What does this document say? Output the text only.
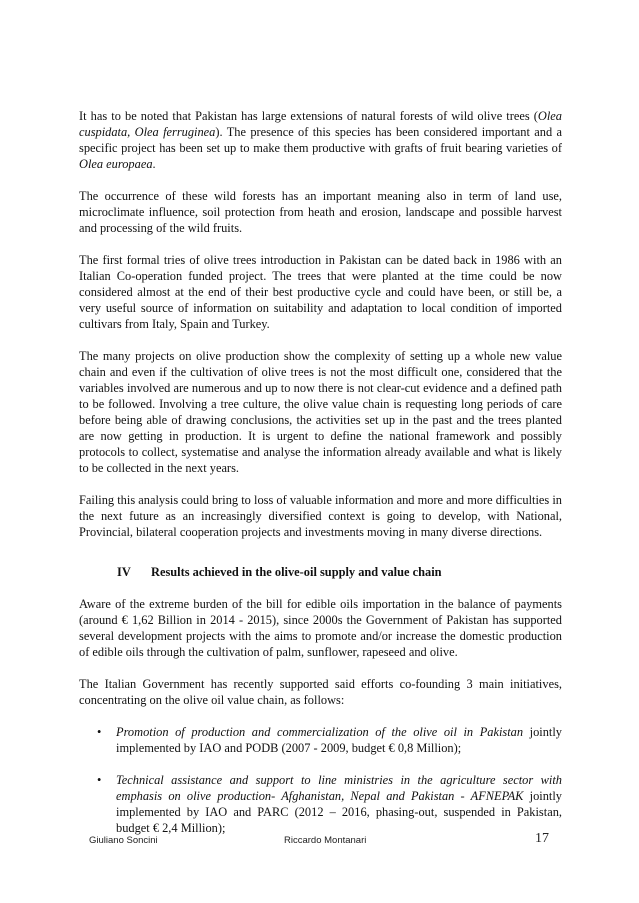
It has to be noted that Pakistan has large extensions of natural forests of wild olive trees (Olea cuspidata, Olea ferruginea). The presence of this species has been considered important and a specific project has been set up to make them productive with grafts of fruit bearing varieties of Olea europaea.

The occurrence of these wild forests has an important meaning also in term of land use, microclimate influence, soil protection from heath and erosion, landscape and possible harvest and processing of the wild fruits.

The first formal tries of olive trees introduction in Pakistan can be dated back in 1986 with an Italian Co-operation funded project. The trees that were planted at the time could be now considered almost at the end of their best productive cycle and could have been, or still be, a very useful source of information on suitability and adaptation to local condition of imported cultivars from Italy, Spain and Turkey.

The many projects on olive production show the complexity of setting up a whole new value chain and even if the cultivation of olive trees is not the most difficult one, considered that the variables involved are numerous and up to now there is not clear-cut evidence and a defined path to be followed. Involving a tree culture, the olive value chain is requesting long periods of care before being able of drawing conclusions, the activities set up in the past and the trees planted are now getting in production. It is urgent to define the national framework and possibly protocols to collect, systematise and analyse the information already available and what is likely to be collected in the next years.

Failing this analysis could bring to loss of valuable information and more and more difficulties in the next future as an increasingly diversified context is going to develop, with National, Provincial, bilateral cooperation projects and investments moving in many diverse directions.

IV	Results achieved in the olive-oil supply and value chain

Aware of the extreme burden of the bill for edible oils importation in the balance of payments (around € 1,62 Billion in 2014 - 2015), since 2000s the Government of Pakistan has supported several development projects with the aims to promote and/or increase the domestic production of edible oils through the cultivation of palm, sunflower, rapeseed and olive.

The Italian Government has recently supported said efforts co-founding 3 main initiatives, concentrating on the olive oil value chain, as follows:

• Promotion of production and commercialization of the olive oil in Pakistan jointly implemented by IAO and PODB (2007 - 2009, budget € 0,8 Million);
• Technical assistance and support to line ministries in the agriculture sector with emphasis on olive production- Afghanistan, Nepal and Pakistan - AFNEPAK jointly implemented by IAO and PARC (2012 – 2016, phasing-out, suspended in Pakistan, budget € 2,4 Million);
Giuliano Soncini	Riccardo Montanari	17
